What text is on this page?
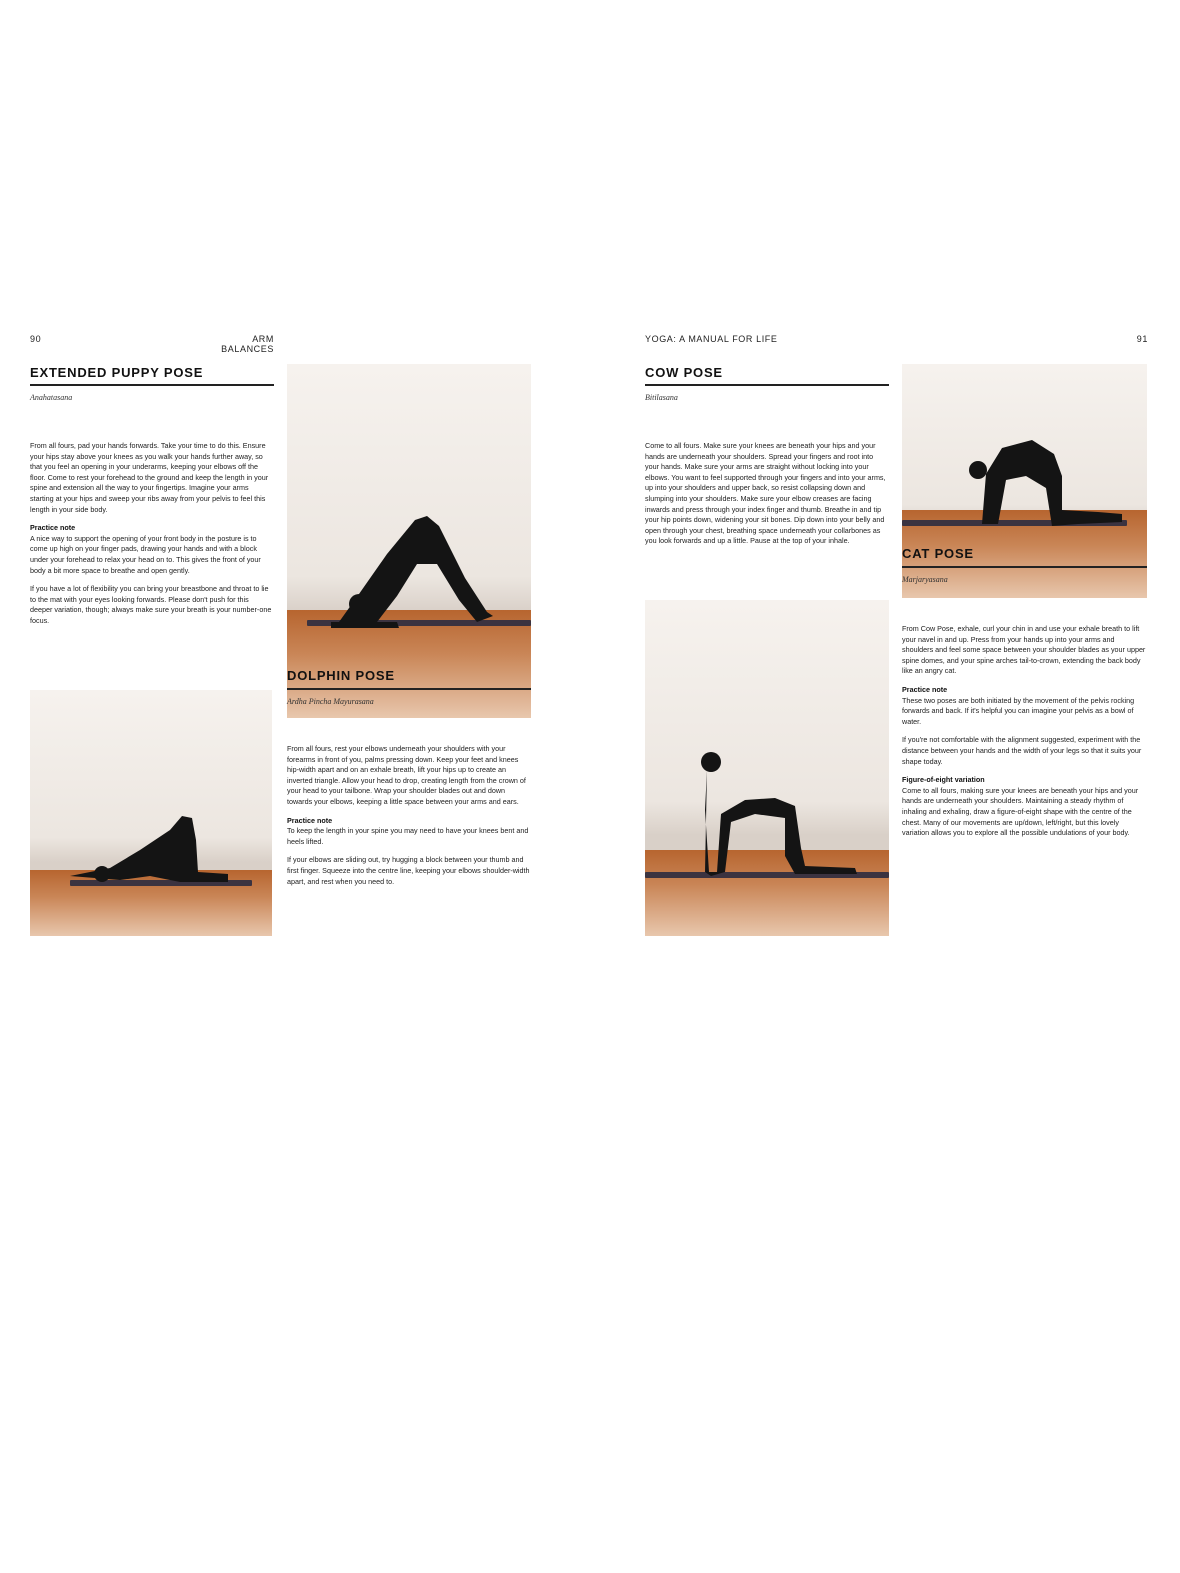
90	ARM BALANCES
EXTENDED PUPPY POSE
Anahatasana

From all fours, pad your hands forwards. Take your time to do this. Ensure your hips stay above your knees as you walk your hands further away, so that you feel an opening in your underarms, keeping your elbows off the floor. Come to rest your forehead to the ground and keep the length in your spine and extension all the way to your fingertips. Imagine your arms starting at your hips and sweep your ribs away from your pelvis to feel this length in your side body.

Practice note

A nice way to support the opening of your front body in the posture is to come up high on your finger pads, drawing your hands and with a block under your forehead to relax your head on to. This gives the front of your body a bit more space to breathe and open gently.

If you have a lot of flexibility you can bring your breastbone and throat to lie to the mat with your eyes looking forwards. Please don't push for this deeper variation, though; always make sure your breath is your number-one focus.

DOLPHIN POSE
Ardha Pincha Mayurasana

From all fours, rest your elbows underneath your shoulders with your forearms in front of you, palms pressing down. Keep your feet and knees hip-width apart and on an exhale breath, lift your hips up to create an inverted triangle. Allow your head to drop, creating length from the crown of your head to your tailbone. Wrap your shoulder blades out and down towards your elbows, keeping a little space between your arms and ears.

Practice note

To keep the length in your spine you may need to have your knees bent and heels lifted.

If your elbows are sliding out, try hugging a block between your thumb and first finger. Squeeze into the centre line, keeping your elbows shoulder-width apart, and rest when you need to.

YOGA: A MANUAL FOR LIFE	91
COW POSE
Bitilasana

Come to all fours. Make sure your knees are beneath your hips and your hands are underneath your shoulders. Spread your fingers and root into your hands. Make sure your arms are straight without locking into your elbows. You want to feel supported through your fingers and into your arms, up into your shoulders and upper back, so resist collapsing down and slumping into your shoulders. Make sure your elbow creases are facing inwards and press through your index finger and thumb. Breathe in and tip your hip points down, widening your sit bones. Dip down into your belly and open through your chest, breathing space underneath your collarbones as you look forwards and up a little. Pause at the top of your inhale.

CAT POSE
Marjaryasana

From Cow Pose, exhale, curl your chin in and use your exhale breath to lift your navel in and up. Press from your hands up into your arms and shoulders and feel some space between your shoulder blades as your upper spine domes, and your spine arches tail-to-crown, extending the back body like an angry cat.

Practice note

These two poses are both initiated by the movement of the pelvis rocking forwards and back. If it's helpful you can imagine your pelvis as a bowl of water.

If you're not comfortable with the alignment suggested, experiment with the distance between your hands and the width of your legs so that it suits your shape today.

Figure-of-eight variation

Come to all fours, making sure your knees are beneath your hips and your hands are underneath your shoulders. Maintaining a steady rhythm of inhaling and exhaling, draw a figure-of-eight shape with the centre of the chest. Many of our movements are up/down, left/right, but this lovely variation allows you to explore all the possible undulations of your body.
